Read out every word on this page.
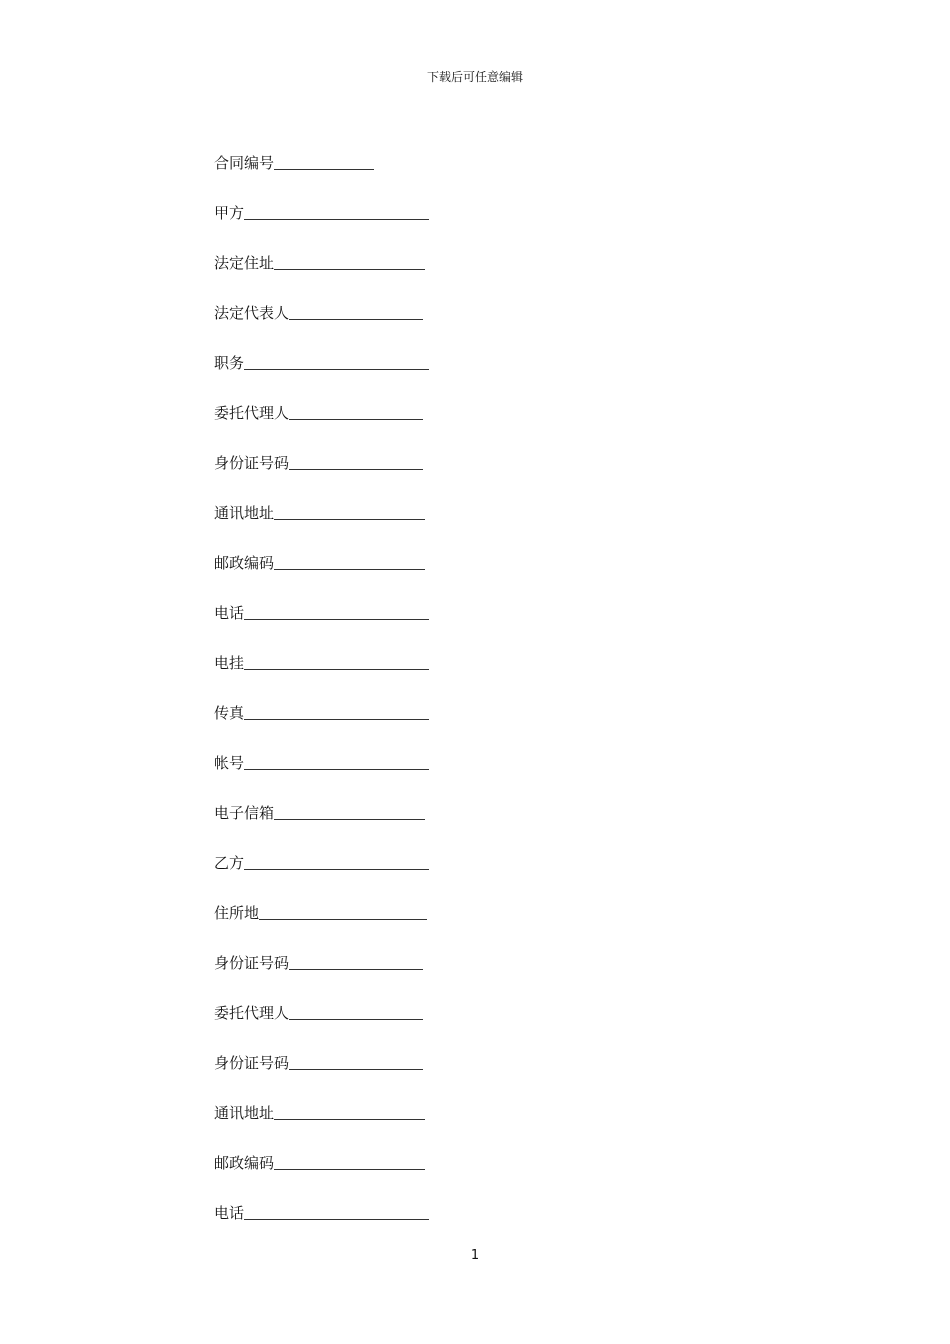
下载后可任意编辑
合同编号
甲方
法定住址
法定代表人
职务
委托代理人
身份证号码
通讯地址
邮政编码
电话
电挂
传真
帐号
电子信箱
乙方
住所地
身份证号码
委托代理人
身份证号码
通讯地址
邮政编码
电话
1
